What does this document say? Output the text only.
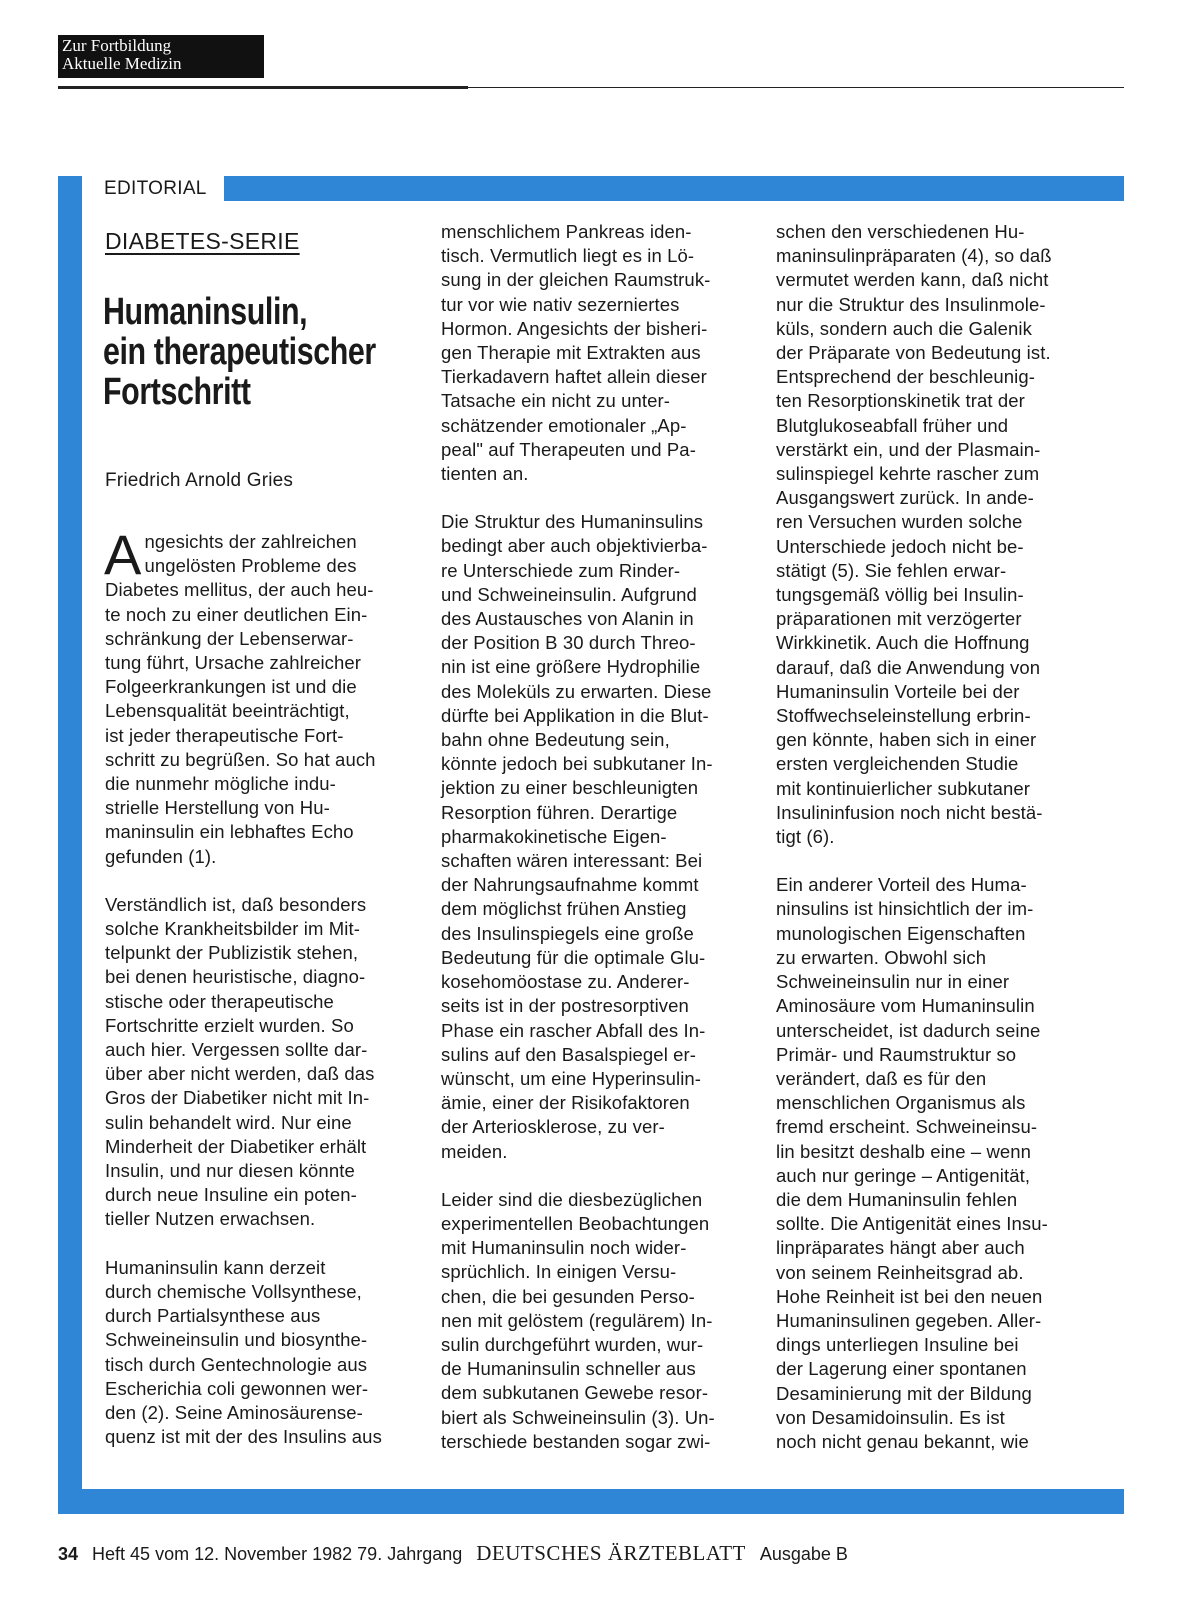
Zur Fortbildung
Aktuelle Medizin
EDITORIAL
DIABETES-SERIE
Humaninsulin,
ein therapeutischer
Fortschritt
Friedrich Arnold Gries

A ngesichts der zahlreichen
ungelösten Probleme des
Diabetes mellitus, der auch heu-
te noch zu einer deutlichen Ein-
schränkung der Lebenserwar-
tung führt, Ursache zahlreicher
Folgeerkrankungen ist und die
Lebensqualität beeinträchtigt,
ist jeder therapeutische Fort-
schritt zu begrüßen. So hat auch
die nunmehr mögliche indu-
strielle Herstellung von Hu-
maninsulin ein lebhaftes Echo
gefunden (1).

Verständlich ist, daß besonders
solche Krankheitsbilder im Mit-
telpunkt der Publizistik stehen,
bei denen heuristische, diagno-
stische oder therapeutische
Fortschritte erzielt wurden. So
auch hier. Vergessen sollte dar-
über aber nicht werden, daß das
Gros der Diabetiker nicht mit In-
sulin behandelt wird. Nur eine
Minderheit der Diabetiker erhält
Insulin, und nur diesen könnte
durch neue Insuline ein poten-
tieller Nutzen erwachsen.

Humaninsulin kann derzeit
durch chemische Vollsynthese,
durch Partialsynthese aus
Schweineinsulin und biosynthe-
tisch durch Gentechnologie aus
Escherichia coli gewonnen wer-
den (2). Seine Aminosäurense-
quenz ist mit der des Insulins aus

menschlichem Pankreas iden-
tisch. Vermutlich liegt es in Lö-
sung in der gleichen Raumstruk-
tur vor wie nativ sezerniertes
Hormon. Angesichts der bisheri-
gen Therapie mit Extrakten aus
Tierkadavern haftet allein dieser
Tatsache ein nicht zu unter-
schätzender emotionaler „Ap-
peal" auf Therapeuten und Pa-
tienten an.

Die Struktur des Humaninsulins
bedingt aber auch objektivierba-
re Unterschiede zum Rinder-
und Schweineinsulin. Aufgrund
des Austausches von Alanin in
der Position B 30 durch Threo-
nin ist eine größere Hydrophilie
des Moleküls zu erwarten. Diese
dürfte bei Applikation in die Blut-
bahn ohne Bedeutung sein,
könnte jedoch bei subkutaner In-
jektion zu einer beschleunigten
Resorption führen. Derartige
pharmakokinetische Eigen-
schaften wären interessant: Bei
der Nahrungsaufnahme kommt
dem möglichst frühen Anstieg
des Insulinspiegels eine große
Bedeutung für die optimale Glu-
kosehomöostase zu. Anderer-
seits ist in der postresorptiven
Phase ein rascher Abfall des In-
sulins auf den Basalspiegel er-
wünscht, um eine Hyperinsulin-
ämie, einer der Risikofaktoren
der Arteriosklerose, zu ver-
meiden.

Leider sind die diesbezüglichen
experimentellen Beobachtungen
mit Humaninsulin noch wider-
sprüchlich. In einigen Versu-
chen, die bei gesunden Perso-
nen mit gelöstem (regulärem) In-
sulin durchgeführt wurden, wur-
de Humaninsulin schneller aus
dem subkutanen Gewebe resor-
biert als Schweineinsulin (3). Un-
terschiede bestanden sogar zwi-

schen den verschiedenen Hu-
maninsulinpräparaten (4), so daß
vermutet werden kann, daß nicht
nur die Struktur des Insulinmole-
küls, sondern auch die Galenik
der Präparate von Bedeutung ist.
Entsprechend der beschleunig-
ten Resorptionskinetik trat der
Blutglukoseabfall früher und
verstärkt ein, und der Plasmain-
sulinspiegel kehrte rascher zum
Ausgangswert zurück. In ande-
ren Versuchen wurden solche
Unterschiede jedoch nicht be-
stätigt (5). Sie fehlen erwar-
tungsgemäß völlig bei Insulin-
präparationen mit verzögerter
Wirkkinetik. Auch die Hoffnung
darauf, daß die Anwendung von
Humaninsulin Vorteile bei der
Stoffwechseleinstellung erbrin-
gen könnte, haben sich in einer
ersten vergleichenden Studie
mit kontinuierlicher subkutaner
Insulininfusion noch nicht bestä-
tigt (6).

Ein anderer Vorteil des Huma-
ninsulins ist hinsichtlich der im-
munologischen Eigenschaften
zu erwarten. Obwohl sich
Schweineinsulin nur in einer
Aminosäure vom Humaninsulin
unterscheidet, ist dadurch seine
Primär- und Raumstruktur so
verändert, daß es für den
menschlichen Organismus als
fremd erscheint. Schweineinsu-
lin besitzt deshalb eine – wenn
auch nur geringe – Antigenität,
die dem Humaninsulin fehlen
sollte. Die Antigenität eines Insu-
linpräparates hängt aber auch
von seinem Reinheitsgrad ab.
Hohe Reinheit ist bei den neuen
Humaninsulinen gegeben. Aller-
dings unterliegen Insuline bei
der Lagerung einer spontanen
Desaminierung mit der Bildung
von Desamidoinsulin. Es ist
noch nicht genau bekannt, wie

34 Heft 45 vom 12. November 1982 79. Jahrgang DEUTSCHES ÄRZTEBLATT Ausgabe B
